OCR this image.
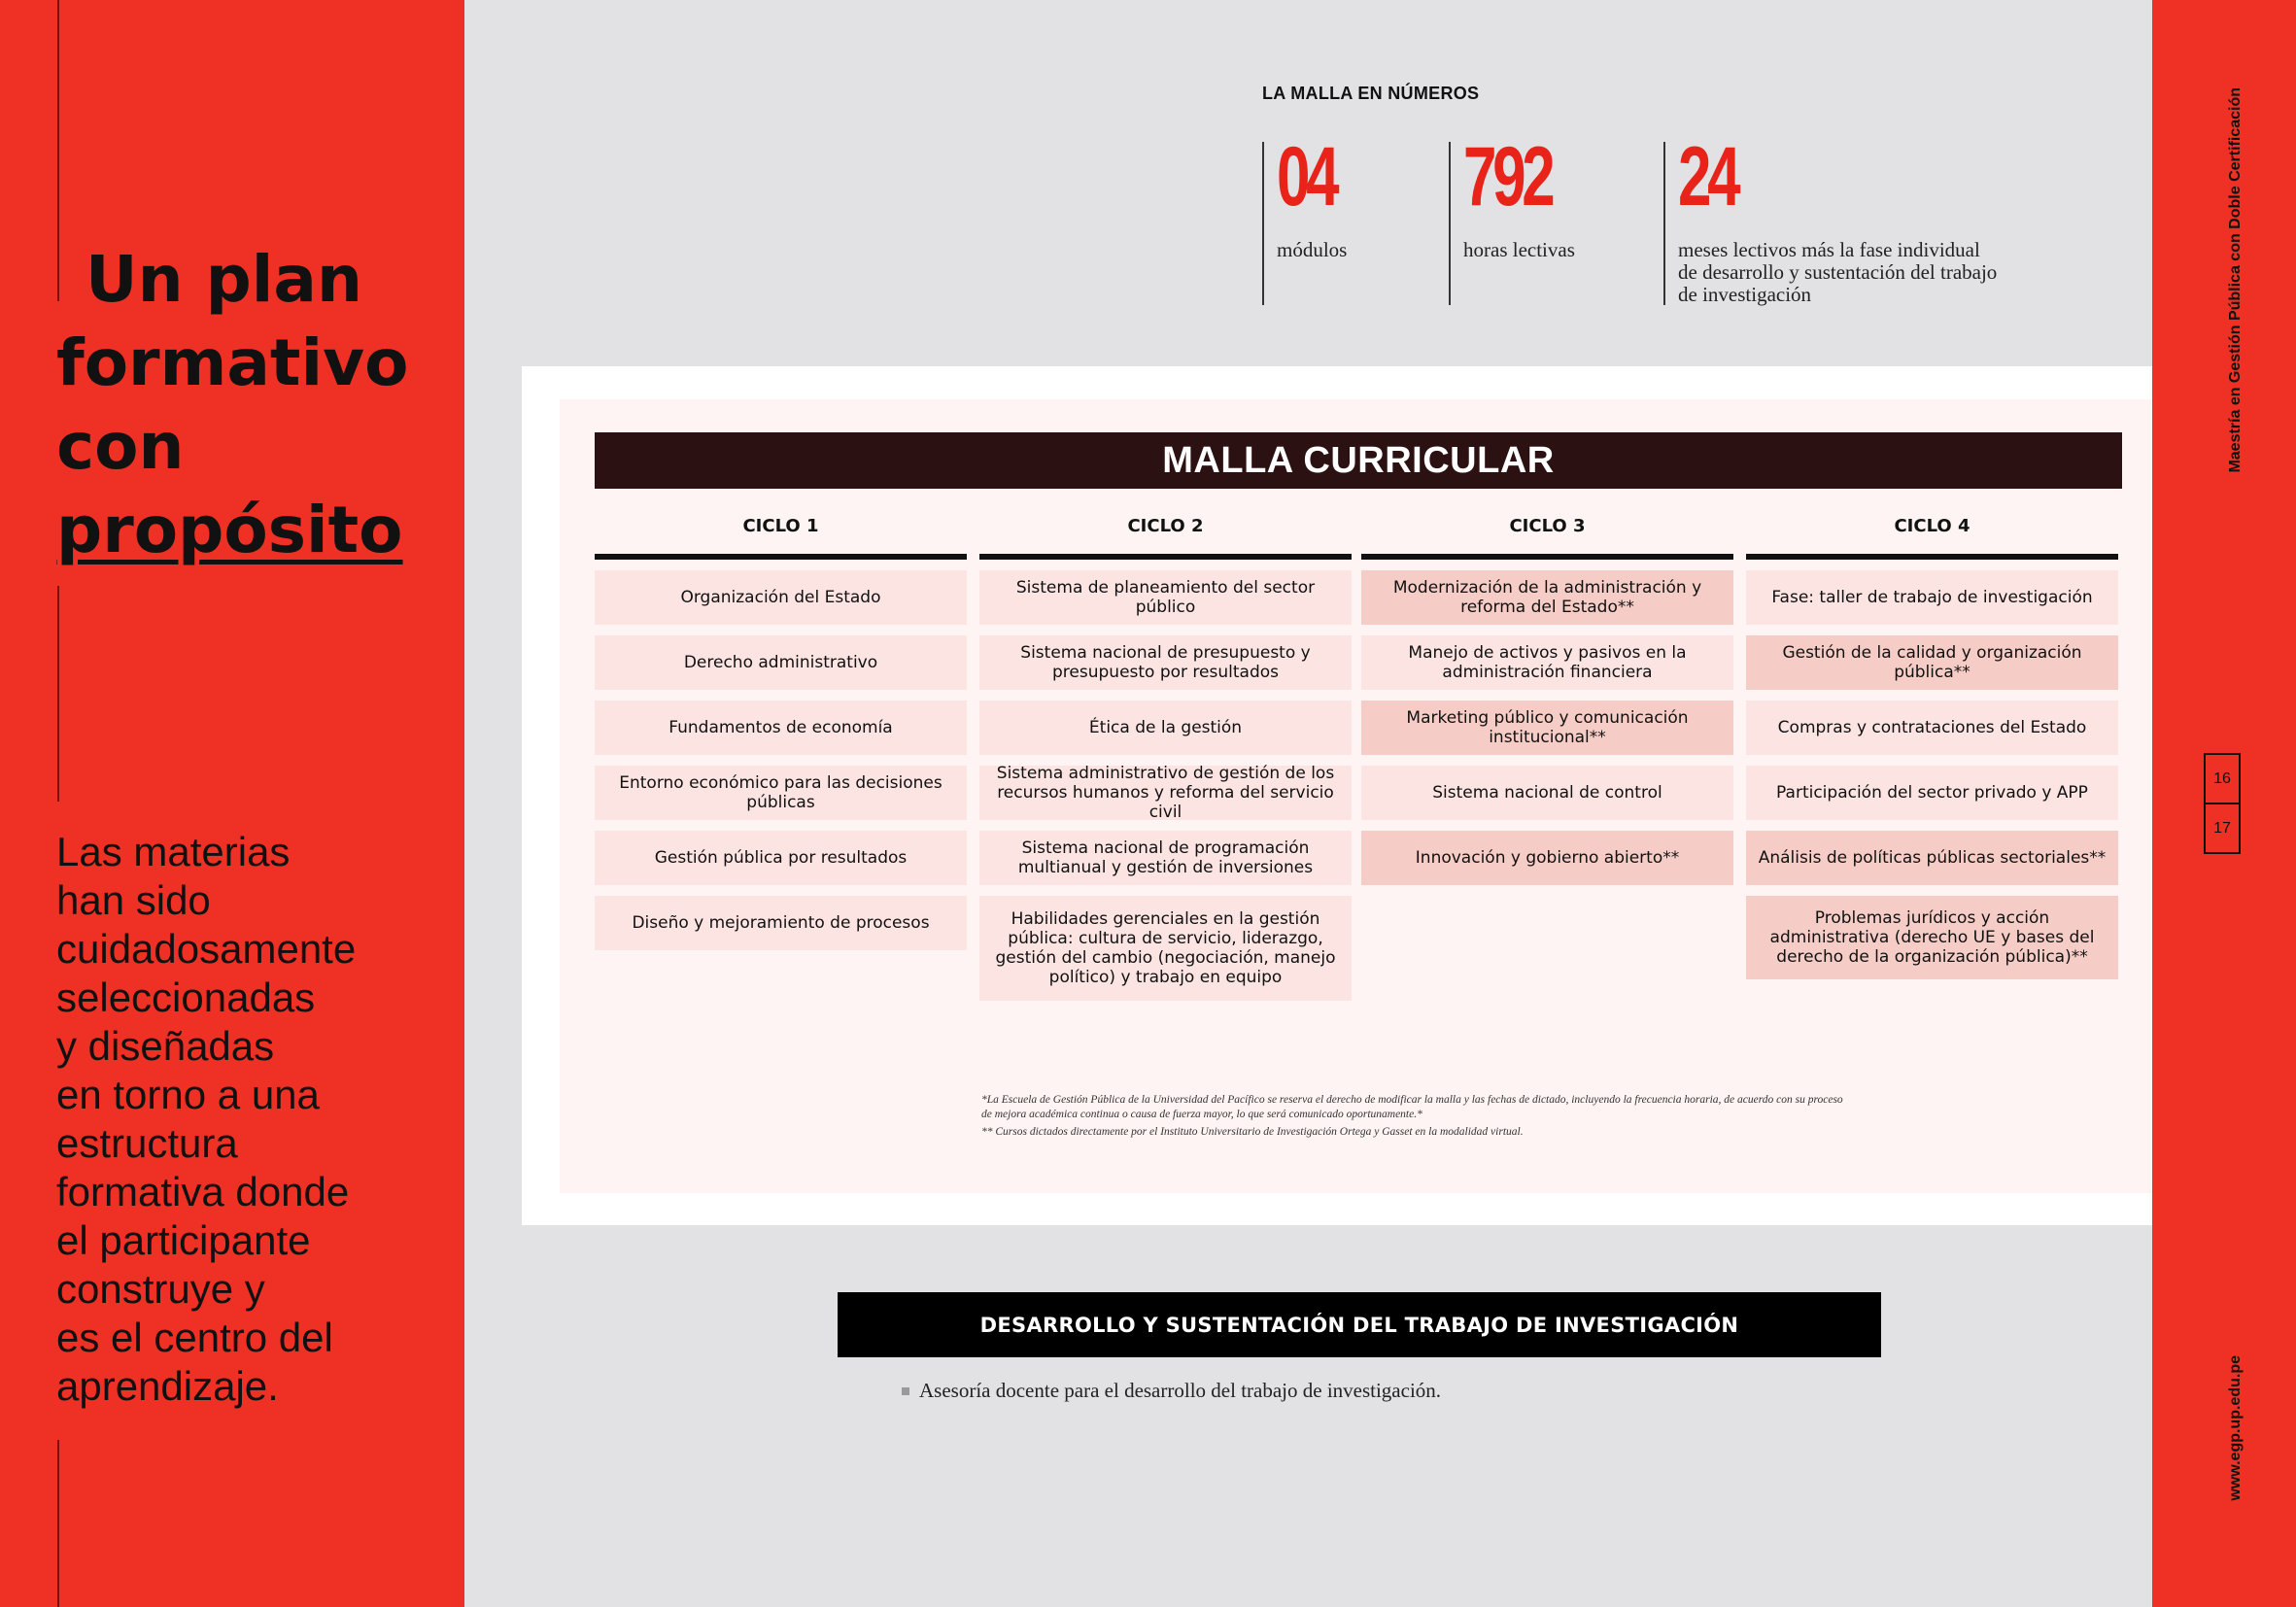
Un plan
formativo
con
propósito

Las materias
han sido
cuidadosamente
seleccionadas
y diseñadas
en torno a una
estructura
formativa donde
el participante
construye y
es el centro del
aprendizaje.

LA MALLA EN NÚMEROS
04
módulos
792
horas lectivas
24
meses lectivos más la fase individual
de desarrollo y sustentación del trabajo
de investigación
MALLA CURRICULAR
CICLO 1
Organización del Estado
Derecho administrativo
Fundamentos de economía
Entorno económico para las decisiones públicas
Gestión pública por resultados
Diseño y mejoramiento de procesos
CICLO 2
Sistema de planeamiento del sector público
Sistema nacional de presupuesto y presupuesto por resultados
Ética de la gestión
Sistema administrativo de gestión de los recursos humanos y reforma del servicio civil
Sistema nacional de programación multianual y gestión de inversiones
Habilidades gerenciales en la gestión pública: cultura de servicio, liderazgo, gestión del cambio (negociación, manejo político) y trabajo en equipo
CICLO 3
Modernización de la administración y reforma del Estado**
Manejo de activos y pasivos en la administración financiera
Marketing público y comunicación institucional**
Sistema nacional de control
Innovación y gobierno abierto**
CICLO 4
Fase: taller de trabajo de investigación
Gestión de la calidad y organización pública**
Compras y contrataciones del Estado
Participación del sector privado y APP
Análisis de políticas públicas sectoriales**
Problemas jurídicos y acción administrativa (derecho UE y bases del derecho de la organización pública)**

*La Escuela de Gestión Pública de la Universidad del Pacífico se reserva el derecho de modificar la malla y las fechas de dictado, incluyendo la frecuencia horaria, de acuerdo con su proceso de mejora académica continua o causa de fuerza mayor, lo que será comunicado oportunamente.*

** Cursos dictados directamente por el Instituto Universitario de Investigación Ortega y Gasset en la modalidad virtual.

DESARROLLO Y SUSTENTACIÓN DEL TRABAJO DE INVESTIGACIÓN
Asesoría docente para el desarrollo del trabajo de investigación.
Maestría en Gestión Pública con Doble Certificación
16
17
www.egp.up.edu.pe
